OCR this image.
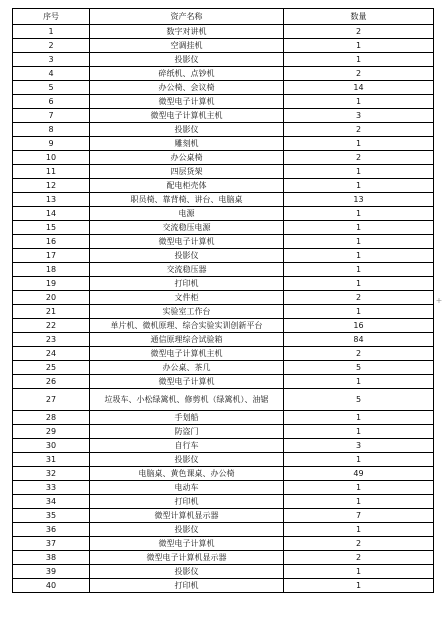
序号	资产名称	数量
1	数字对讲机	2
2	空调挂机	1
3	投影仪	1
4	碎纸机、点钞机	2
5	办公椅、会议椅	14
6	微型电子计算机	1
7	微型电子计算机主机	3
8	投影仪	2
9	雕刻机	1
10	办公桌椅	2
11	四层货架	1
12	配电柜壳体	1
13	职员椅、靠背椅、讲台、电脑桌	13
14	电源	1
15	交流稳压电源	1
16	微型电子计算机	1
17	投影仪	1
18	交流稳压器	1
19	打印机	1
20	文件柜	2
21	实验室工作台	1
22	单片机、微机原理、综合实验实训创新平台	16
23	通信原理综合试验箱	84
24	微型电子计算机主机	2
25	办公桌、茶几	5
26	微型电子计算机	1
27	垃圾车、小松绿篱机、修剪机（绿篱机）、油锯	5
28	手划船	1
29	防盗门	1
30	自行车	3
31	投影仪	1
32	电脑桌、黄色课桌、办公椅	49
33	电动车	1
34	打印机	1
35	微型计算机显示器	7
36	投影仪	1
37	微型电子计算机	2
38	微型电子计算机显示器	2
39	投影仪	1
40	打印机	1
+
